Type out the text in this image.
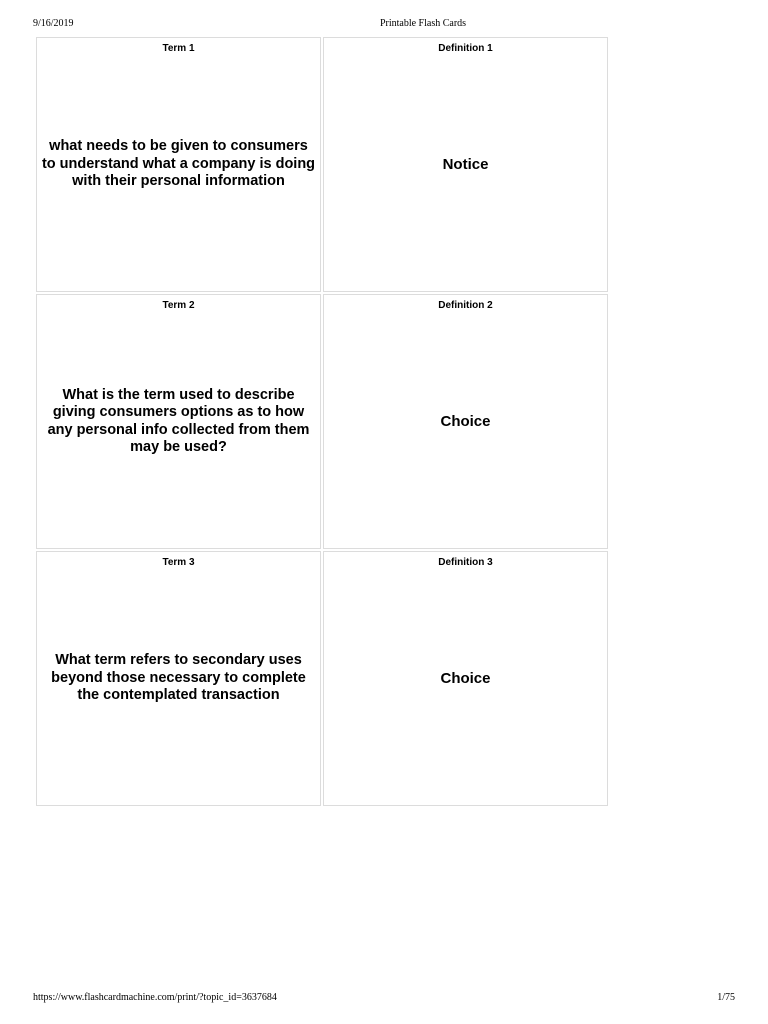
9/16/2019	Printable Flash Cards
Term 1
what needs to be given to consumers to understand what a company is doing with their personal information
Definition 1
Notice
Term 2
What is the term used to describe giving consumers options as to how any personal info collected from them may be used?
Definition 2
Choice
Term 3
What term refers to secondary uses beyond those necessary to complete the contemplated transaction
Definition 3
Choice
https://www.flashcardmachine.com/print/?topic_id=3637684	1/75
